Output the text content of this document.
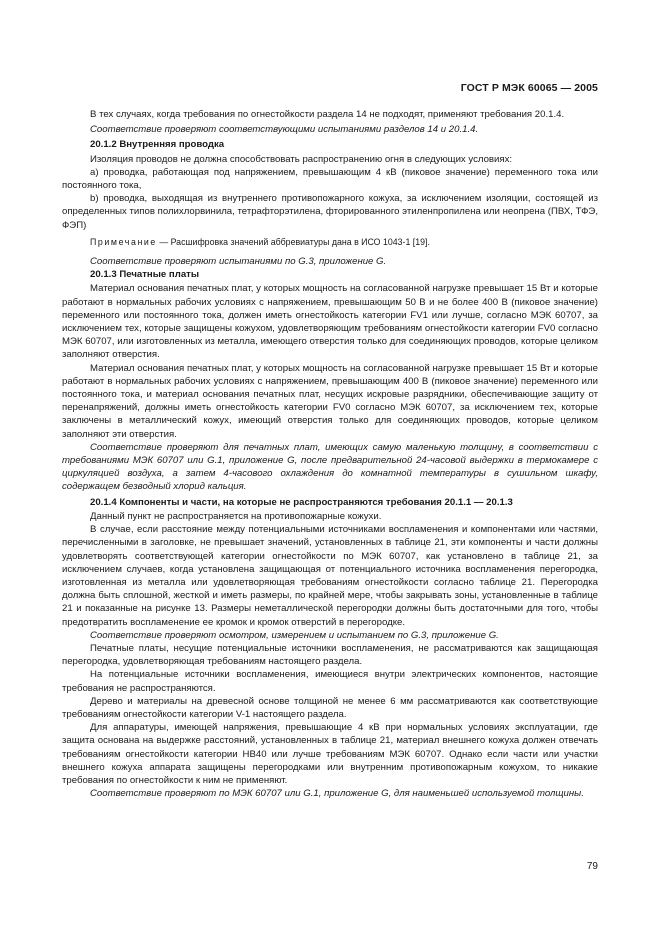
ГОСТ Р МЭК 60065 — 2005

В тех случаях, когда требования по огнестойкости раздела 14 не подходят, применяют требования 20.1.4.

Соответствие проверяют соответствующими испытаниями разделов 14 и 20.1.4.

20.1.2 Внутренняя проводка

Изоляция проводов не должна способствовать распространению огня в следующих условиях:

a) проводка, работающая под напряжением, превышающим 4 кВ (пиковое значение) переменного тока или постоянного тока,

b) проводка, выходящая из внутреннего противопожарного кожуха, за исключением изоляции, состоящей из определенных типов полихлорвинила, тетрафторэтилена, фторированного этиленпропилена или неопрена (ПВХ, ТФЭ, ФЭП)

Примечание — Расшифровка значений аббревиатуры дана в ИСО 1043-1 [19].

Соответствие проверяют испытаниями по G.3, приложение G.

20.1.3 Печатные платы

Материал основания печатных плат, у которых мощность на согласованной нагрузке превышает 15 Вт и которые работают в нормальных рабочих условиях с напряжением, превышающим 50 В и не более 400 В (пиковое значение) переменного или постоянного тока, должен иметь огнестойкость категории FV1 или лучше, согласно МЭК 60707, за исключением тех, которые защищены кожухом, удовлетворяющим требованиям огнестойкости категории FV0 согласно МЭК 60707, или изготовленных из металла, имеющего отверстия только для соединяющих проводов, которые целиком заполняют отверстия.

Материал основания печатных плат, у которых мощность на согласованной нагрузке превышает 15 Вт и которые работают в нормальных рабочих условиях с напряжением, превышающим 400 В (пиковое значение) переменного или постоянного тока, и материал основания печатных плат, несущих искровые разрядники, обеспечивающие защиту от перенапряжений, должны иметь огнестойкость категории FV0 согласно МЭК 60707, за исключением тех, которые заключены в металлический кожух, имеющий отверстия только для соединяющих проводов, которые целиком заполняют эти отверстия.

Соответствие проверяют для печатных плат, имеющих самую маленькую толщину, в соответствии с требованиями МЭК 60707 или G.1, приложение G, после предварительной 24-часовой выдержки в термокамере с циркуляцией воздуха, а затем 4-часового охлаждения до комнатной температуры в сушильном шкафу, содержащем безводный хлорид кальция.

20.1.4 Компоненты и части, на которые не распространяются требования 20.1.1 — 20.1.3

Данный пункт не распространяется на противопожарные кожухи.

В случае, если расстояние между потенциальными источниками воспламенения и компонентами или частями, перечисленными в заголовке, не превышает значений, установленных в таблице 21, эти компоненты и части должны удовлетворять соответствующей категории огнестойкости по МЭК 60707, как установлено в таблице 21, за исключением случаев, когда установлена защищающая от потенциального источника воспламенения перегородка, изготовленная из металла или удовлетворяющая требованиям огнестойкости согласно таблице 21. Перегородка должна быть сплошной, жесткой и иметь размеры, по крайней мере, чтобы закрывать зоны, установленные в таблице 21 и показанные на рисунке 13. Размеры неметаллической перегородки должны быть достаточными для того, чтобы предотвратить воспламенение ее кромок и кромок отверстий в перегородке.

Соответствие проверяют осмотром, измерением и испытанием по G.3, приложение G.

Печатные платы, несущие потенциальные источники воспламенения, не рассматриваются как защищающая перегородка, удовлетворяющая требованиям настоящего раздела.

На потенциальные источники воспламенения, имеющиеся внутри электрических компонентов, настоящие требования не распространяются.

Дерево и материалы на древесной основе толщиной не менее 6 мм рассматриваются как соответствующие требованиям огнестойкости категории V-1 настоящего раздела.

Для аппаратуры, имеющей напряжения, превышающие 4 кВ при нормальных условиях эксплуатации, где защита основана на выдержке расстояний, установленных в таблице 21, материал внешнего кожуха должен отвечать требованиям огнестойкости категории HB40 или лучше требованиям МЭК 60707. Однако если части или участки внешнего кожуха аппарата защищены перегородками или внутренним противопожарным кожухом, то никакие требования по огнестойкости к ним не применяют.

Соответствие проверяют по МЭК 60707 или G.1, приложение G, для наименьшей используемой толщины.

79
